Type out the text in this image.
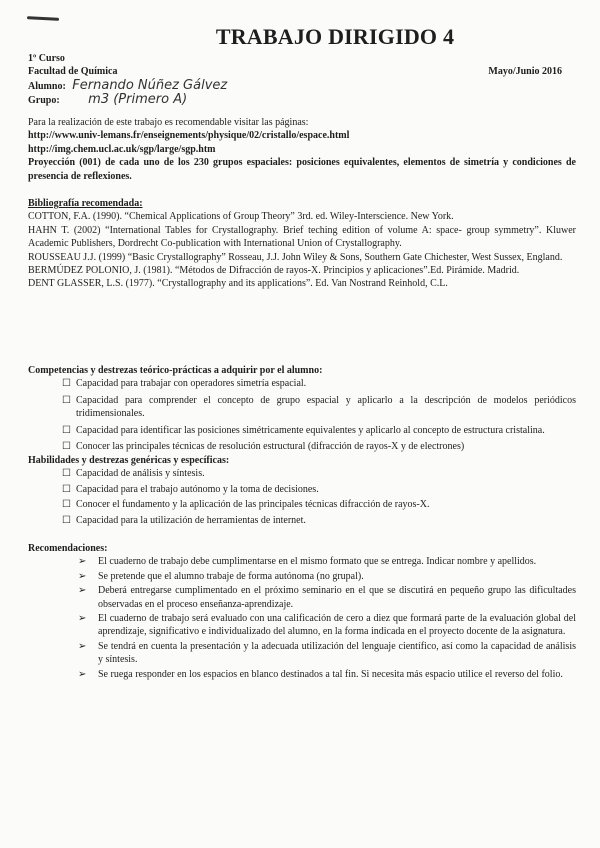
TRABAJO DIRIGIDO 4
1º Curso
Facultad de Química	Mayo/Junio 2016
Alumno: Fernando Núñez Gálvez
Grupo: m3 (Primero A)
Para la realización de este trabajo es recomendable visitar las páginas:
http://www.univ-lemans.fr/enseignements/physique/02/cristallo/espace.html
http://img.chem.ucl.ac.uk/sgp/large/sgp.htm
Proyección (001) de cada uno de los 230 grupos espaciales: posiciones equivalentes, elementos de simetría y condiciones de presencia de reflexiones.
Bibliografía recomendada:

COTTON, F.A. (1990). “Chemical Applications of Group Theory” 3rd. ed. Wiley-Interscience. New York.

HAHN T. (2002) “International Tables for Crystallography. Brief teching edition of volume A: space- group symmetry”. Kluwer Academic Publishers, Dordrecht Co-publication with International Union of Crystallography.

ROUSSEAU J.J. (1999) “Basic Crystallography” Rosseau, J.J. John Wiley & Sons, Southern Gate Chichester, West Sussex, England.

BERMÚDEZ POLONIO, J. (1981). “Métodos de Difracción de rayos-X. Principios y aplicaciones”.Ed. Pirámide. Madrid.

DENT GLASSER, L.S. (1977). “Crystallography and its applications”. Ed. Van Nostrand Reinhold, C.L.

Competencias y destrezas teórico-prácticas a adquirir por el alumno:
☐ Capacidad para trabajar con operadores simetría espacial.
☐ Capacidad para comprender el concepto de grupo espacial y aplicarlo a la descripción de modelos periódicos tridimensionales.
☐ Capacidad para identificar las posiciones simétricamente equivalentes y aplicarlo al concepto de estructura cristalina.
☐ Conocer las principales técnicas de resolución estructural (difracción de rayos-X y de electrones)
Habilidades y destrezas genéricas y específicas:
☐ Capacidad de análisis y síntesis.
☐ Capacidad para el trabajo autónomo y la toma de decisiones.
☐ Conocer el fundamento y la aplicación de las principales técnicas difracción de rayos-X.
☐ Capacidad para la utilización de herramientas de internet.
Recomendaciones:
➢ El cuaderno de trabajo debe cumplimentarse en el mismo formato que se entrega. Indicar nombre y apellidos.
➢ Se pretende que el alumno trabaje de forma autónoma (no grupal).
➢ Deberá entregarse cumplimentado en el próximo seminario en el que se discutirá en pequeño grupo las dificultades observadas en el proceso enseñanza-aprendizaje.
➢ El cuaderno de trabajo será evaluado con una calificación de cero a diez que formará parte de la evaluación global del aprendizaje, significativo e individualizado del alumno, en la forma indicada en el proyecto docente de la asignatura.
➢ Se tendrá en cuenta la presentación y la adecuada utilización del lenguaje científico, así como la capacidad de análisis y síntesis.
➢ Se ruega responder en los espacios en blanco destinados a tal fin. Si necesita más espacio utilice el reverso del folio.
